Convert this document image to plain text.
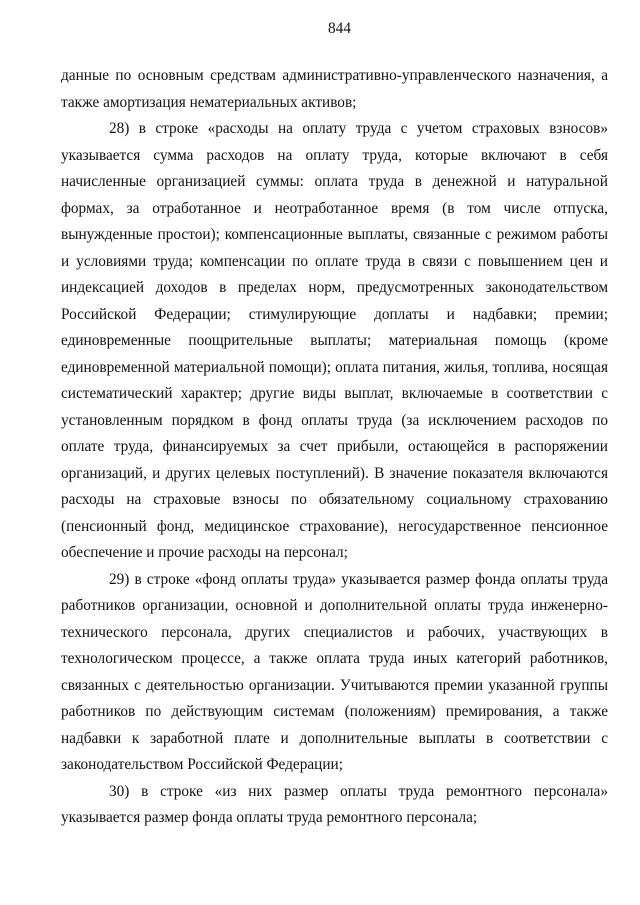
844

данные по основным средствам административно-управленческого назначения, а также амортизация нематериальных активов;

28) в строке «расходы на оплату труда с учетом страховых взносов» указывается сумма расходов на оплату труда, которые включают в себя начисленные организацией суммы: оплата труда в денежной и натуральной формах, за отработанное и неотработанное время (в том числе отпуска, вынужденные простои); компенсационные выплаты, связанные с режимом работы и условиями труда; компенсации по оплате труда в связи с повышением цен и индексацией доходов в пределах норм, предусмотренных законодательством Российской Федерации; стимулирующие доплаты и надбавки; премии; единовременные поощрительные выплаты; материальная помощь (кроме единовременной материальной помощи); оплата питания, жилья, топлива, носящая систематический характер; другие виды выплат, включаемые в соответствии с установленным порядком в фонд оплаты труда (за исключением расходов по оплате труда, финансируемых за счет прибыли, остающейся в распоряжении организаций, и других целевых поступлений). В значение показателя включаются расходы на страховые взносы по обязательному социальному страхованию (пенсионный фонд, медицинское страхование), негосударственное пенсионное обеспечение и прочие расходы на персонал;

29) в строке «фонд оплаты труда» указывается размер фонда оплаты труда работников организации, основной и дополнительной оплаты труда инженерно-технического персонала, других специалистов и рабочих, участвующих в технологическом процессе, а также оплата труда иных категорий работников, связанных с деятельностью организации. Учитываются премии указанной группы работников по действующим системам (положениям) премирования, а также надбавки к заработной плате и дополнительные выплаты в соответствии с законодательством Российской Федерации;

30) в строке «из них размер оплаты труда ремонтного персонала» указывается размер фонда оплаты труда ремонтного персонала;
